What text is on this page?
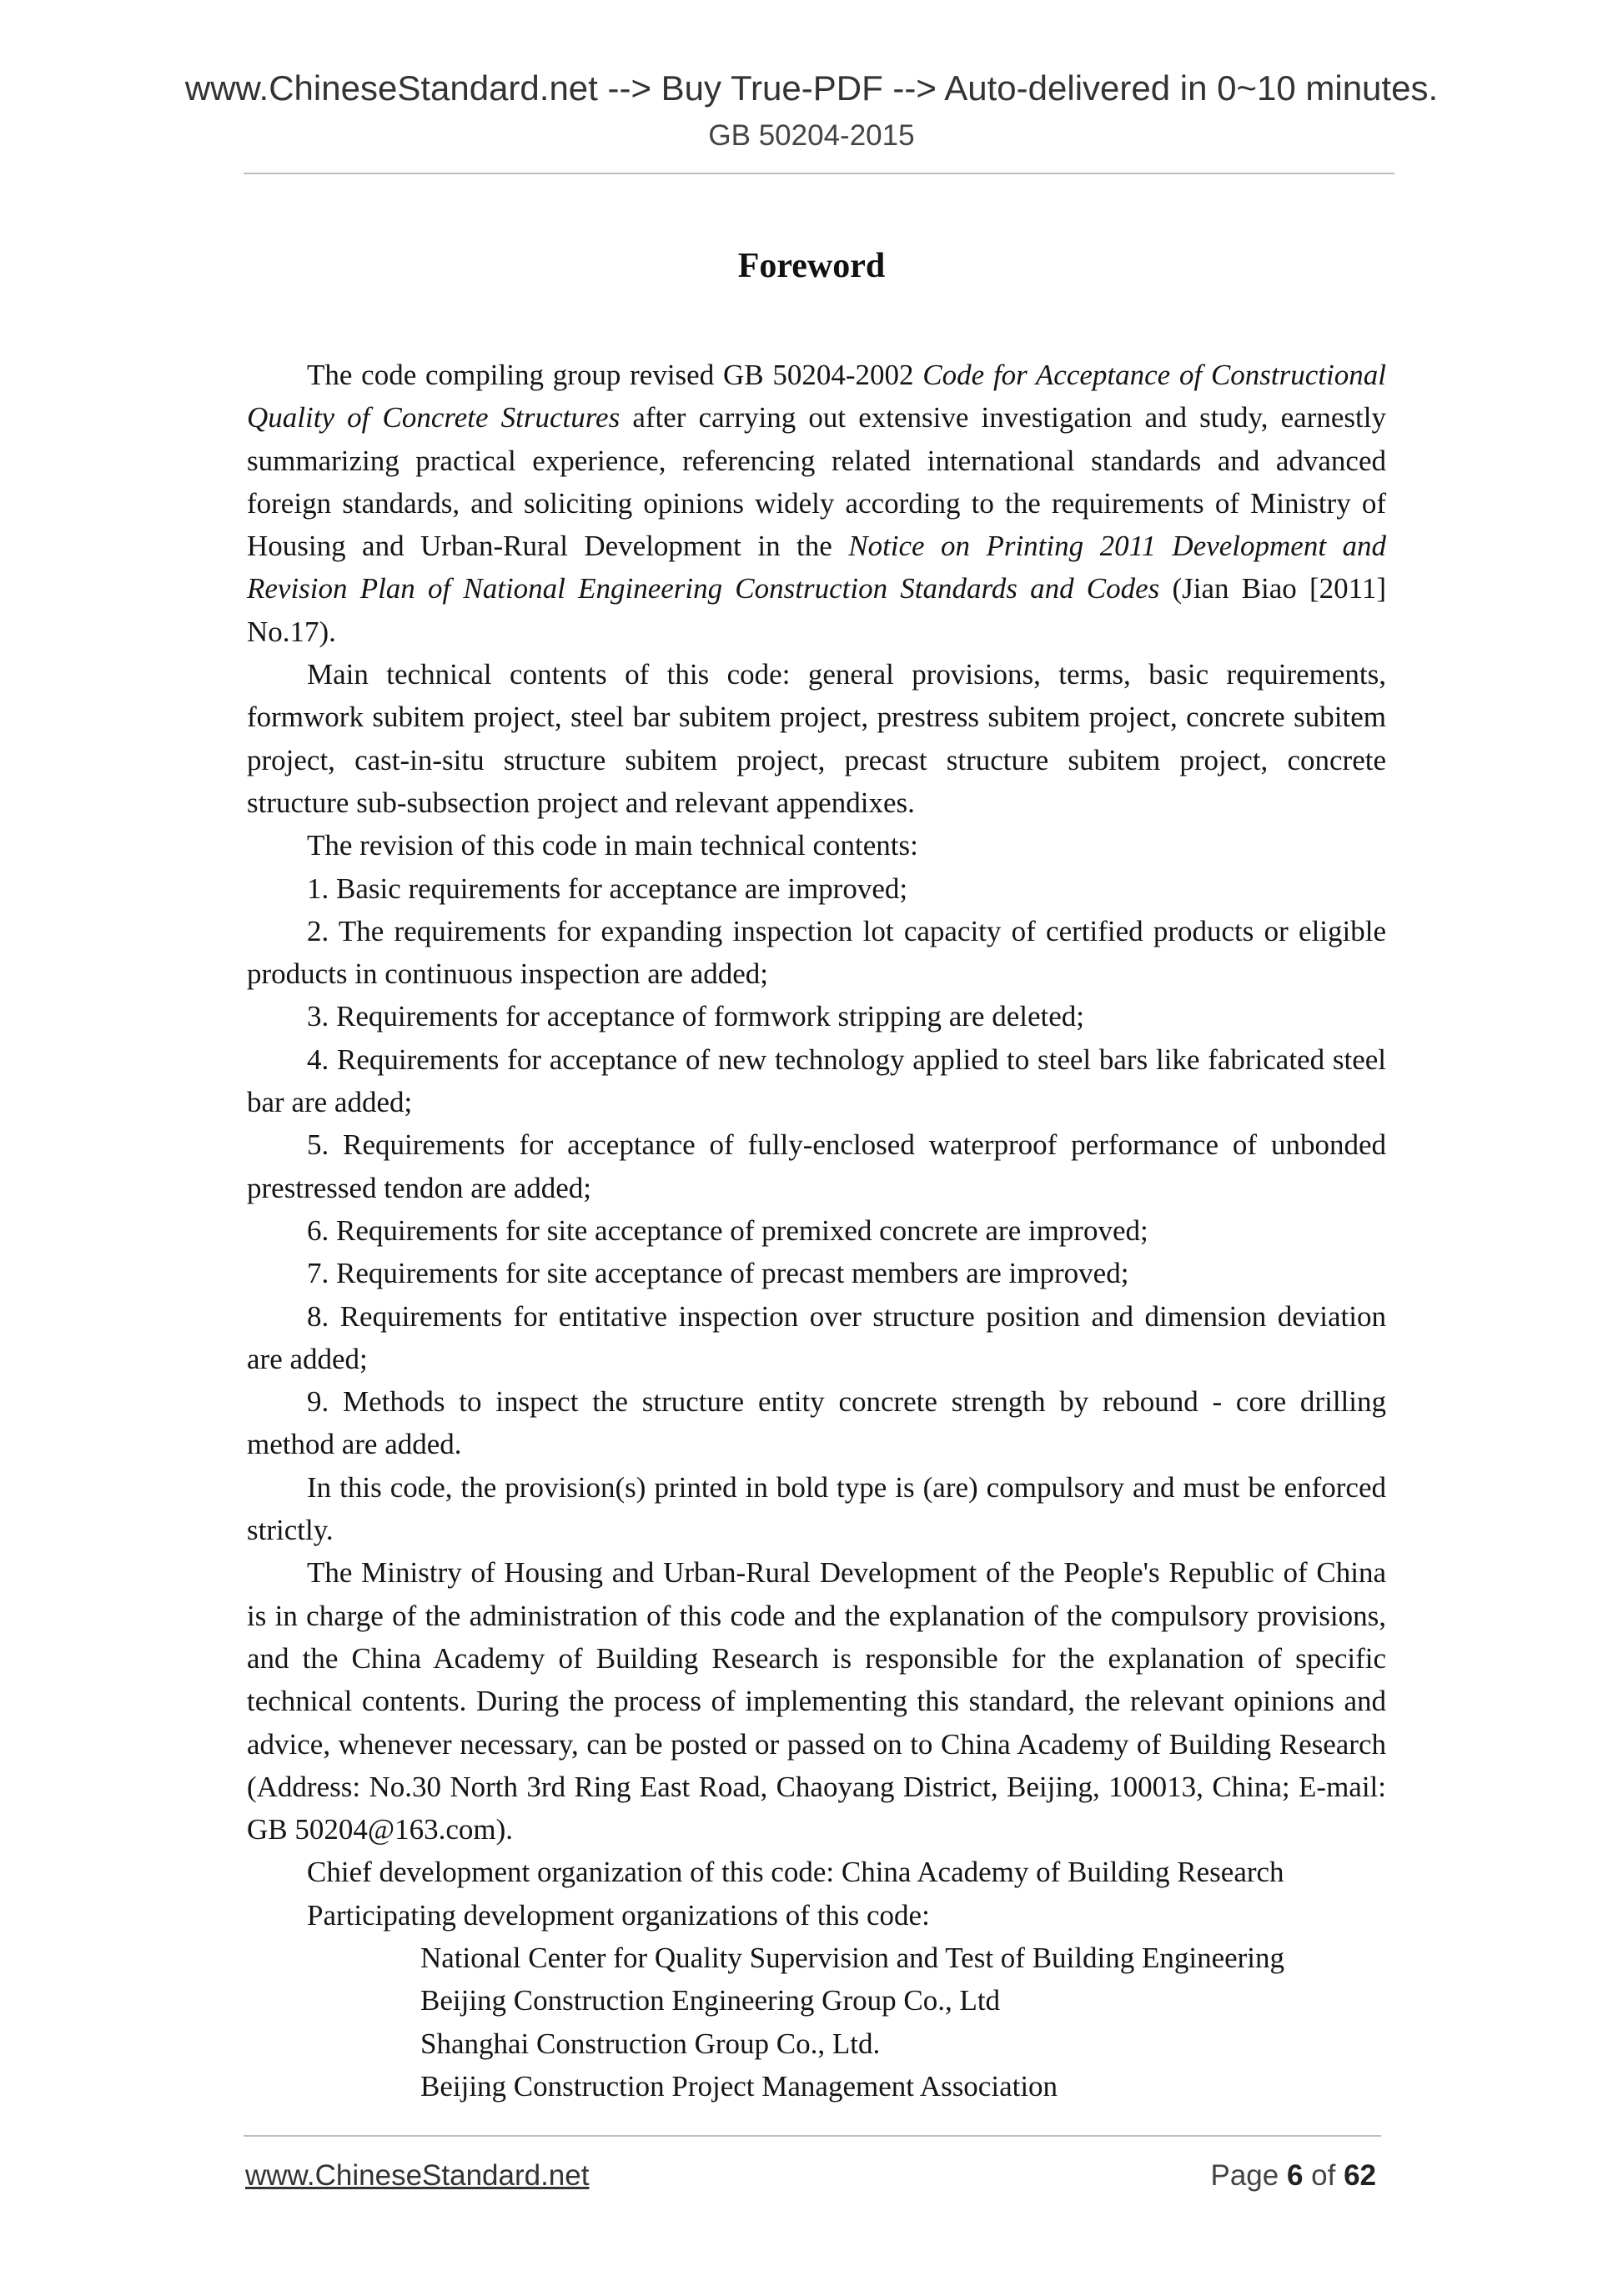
www.ChineseStandard.net --> Buy True-PDF --> Auto-delivered in 0~10 minutes.
GB 50204-2015
Foreword

The code compiling group revised GB 50204-2002 Code for Acceptance of Constructional Quality of Concrete Structures after carrying out extensive investigation and study, earnestly summarizing practical experience, referencing related international standards and advanced foreign standards, and soliciting opinions widely according to the requirements of Ministry of Housing and Urban-Rural Development in the Notice on Printing 2011 Development and Revision Plan of National Engineering Construction Standards and Codes (Jian Biao [2011] No.17).

Main technical contents of this code: general provisions, terms, basic requirements, formwork subitem project, steel bar subitem project, prestress subitem project, concrete subitem project, cast-in-situ structure subitem project, precast structure subitem project, concrete structure sub-subsection project and relevant appendixes.

The revision of this code in main technical contents:

1. Basic requirements for acceptance are improved;

2. The requirements for expanding inspection lot capacity of certified products or eligible products in continuous inspection are added;

3. Requirements for acceptance of formwork stripping are deleted;

4. Requirements for acceptance of new technology applied to steel bars like fabricated steel bar are added;

5. Requirements for acceptance of fully-enclosed waterproof performance of unbonded prestressed tendon are added;

6. Requirements for site acceptance of premixed concrete are improved;

7. Requirements for site acceptance of precast members are improved;

8. Requirements for entitative inspection over structure position and dimension deviation are added;

9. Methods to inspect the structure entity concrete strength by rebound - core drilling method are added.

In this code, the provision(s) printed in bold type is (are) compulsory and must be enforced strictly.

The Ministry of Housing and Urban-Rural Development of the People's Republic of China is in charge of the administration of this code and the explanation of the compulsory provisions, and the China Academy of Building Research is responsible for the explanation of specific technical contents. During the process of implementing this standard, the relevant opinions and advice, whenever necessary, can be posted or passed on to China Academy of Building Research (Address: No.30 North 3rd Ring East Road, Chaoyang District, Beijing, 100013, China; E-mail: GB 50204@163.com).

Chief development organization of this code: China Academy of Building Research

Participating development organizations of this code:

National Center for Quality Supervision and Test of Building Engineering
Beijing Construction Engineering Group Co., Ltd
Shanghai Construction Group Co., Ltd.
Beijing Construction Project Management Association
www.ChineseStandard.net	Page 6 of 62
